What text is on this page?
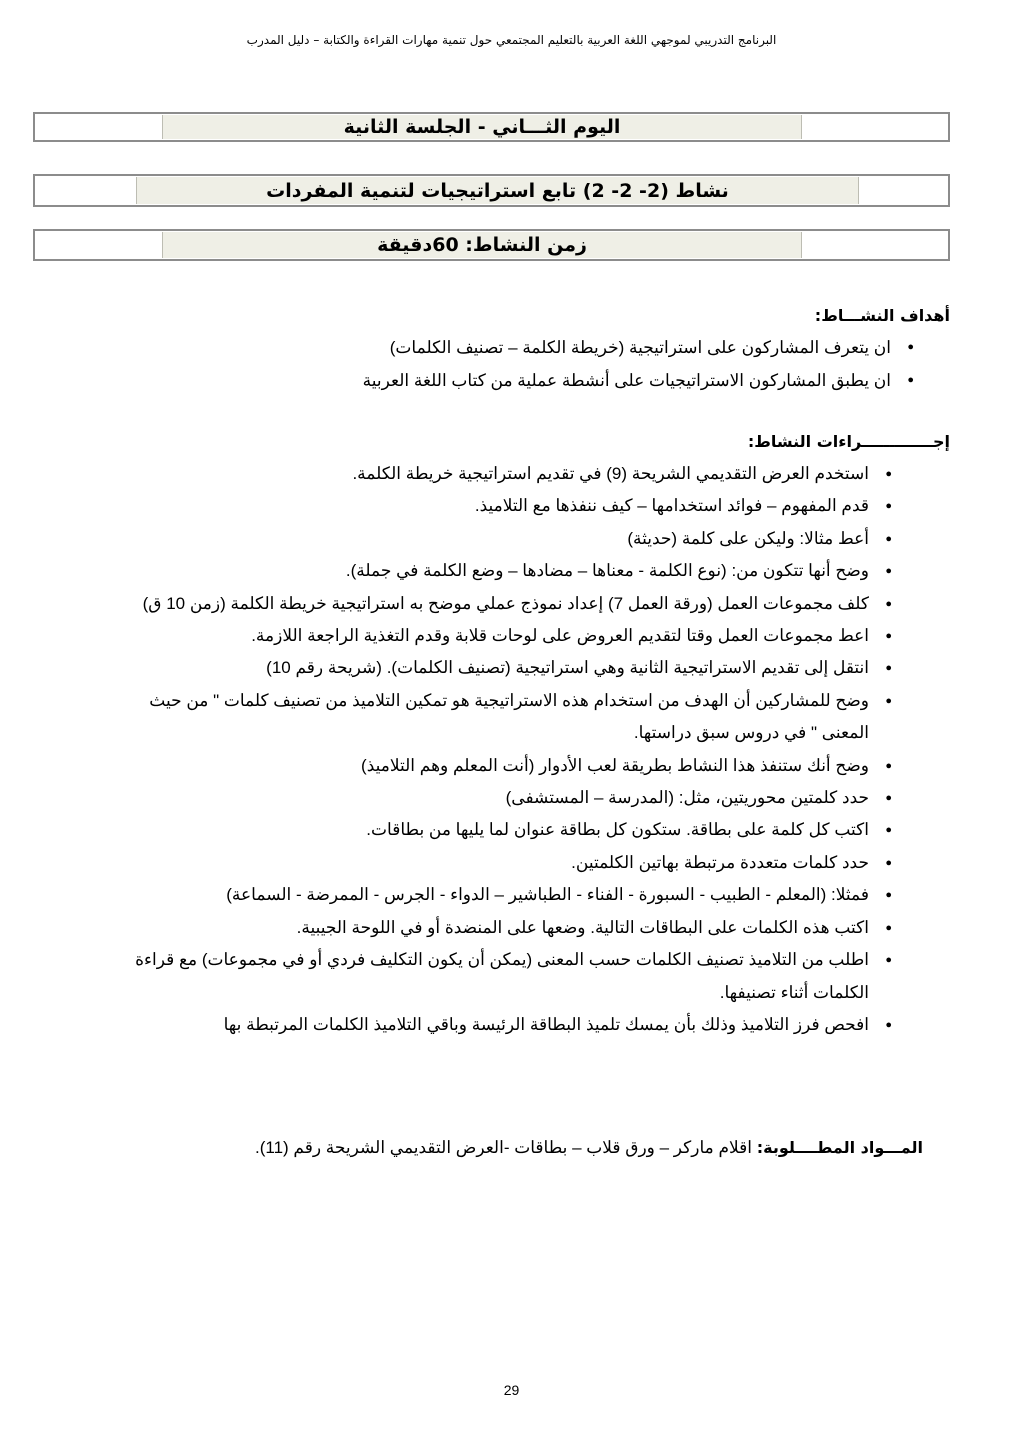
البرنامج التدريبي لموجهي اللغة العربية بالتعليم المجتمعي حول تنمية مهارات القراءة والكتابة – دليل المدرب
اليوم الثـــاني - الجلسة الثانية
نشاط (2- 2- 2) تابع استراتيجيات لتنمية المفردات
زمن النشاط: 60دقيقة
أهداف النشـــاط:
●
ان يتعرف المشاركون على استراتيجية (خريطة الكلمة – تصنيف الكلمات)
●
ان يطبق المشاركون الاستراتيجيات على أنشطة عملية من كتاب اللغة العربية
إجـــــــــــــراءات النشاط:
●
استخدم العرض التقديمي الشريحة (9) في تقديم استراتيجية خريطة الكلمة.
●
قدم المفهوم – فوائد استخدامها – كيف ننفذها مع التلاميذ.
●
أعط مثالا: وليكن على كلمة (حديثة)
●
وضح أنها تتكون من: (نوع الكلمة - معناها – مضادها – وضع الكلمة في جملة).
●
كلف مجموعات العمل (ورقة العمل 7) إعداد نموذج عملي موضح به استراتيجية خريطة الكلمة (زمن 10 ق)
●
اعط مجموعات العمل وقتا لتقديم العروض على لوحات قلابة وقدم التغذية الراجعة اللازمة.
●
انتقل إلى تقديم الاستراتيجية الثانية وهي استراتيجية (تصنيف الكلمات). (شريحة رقم 10)
●
وضح للمشاركين أن الهدف من استخدام هذه الاستراتيجية هو تمكين التلاميذ من تصنيف كلمات " من حيث المعنى " في دروس سبق دراستها.
●
وضح أنك ستنفذ هذا النشاط بطريقة لعب الأدوار (أنت المعلم وهم التلاميذ)
●
حدد كلمتين محوريتين، مثل: (المدرسة – المستشفى)
●
اكتب كل كلمة على بطاقة. ستكون كل بطاقة عنوان لما يليها من بطاقات.
●
حدد كلمات متعددة مرتبطة بهاتين الكلمتين.
●
فمثلا: (المعلم - الطبيب - السبورة - الفناء - الطباشير – الدواء - الجرس - الممرضة - السماعة)
●
اكتب هذه الكلمات على البطاقات التالية. وضعها على المنضدة أو في اللوحة الجيبية.
●
اطلب من التلاميذ تصنيف الكلمات حسب المعنى (يمكن أن يكون التكليف فردي أو في مجموعات) مع قراءة الكلمات أثناء تصنيفها.
●
افحص فرز التلاميذ وذلك بأن يمسك تلميذ البطاقة الرئيسة وباقي التلاميذ الكلمات المرتبطة بها
المـــواد المطــــلوبة: اقلام ماركر – ورق قلاب – بطاقات -العرض التقديمي الشريحة رقم (11).
29
